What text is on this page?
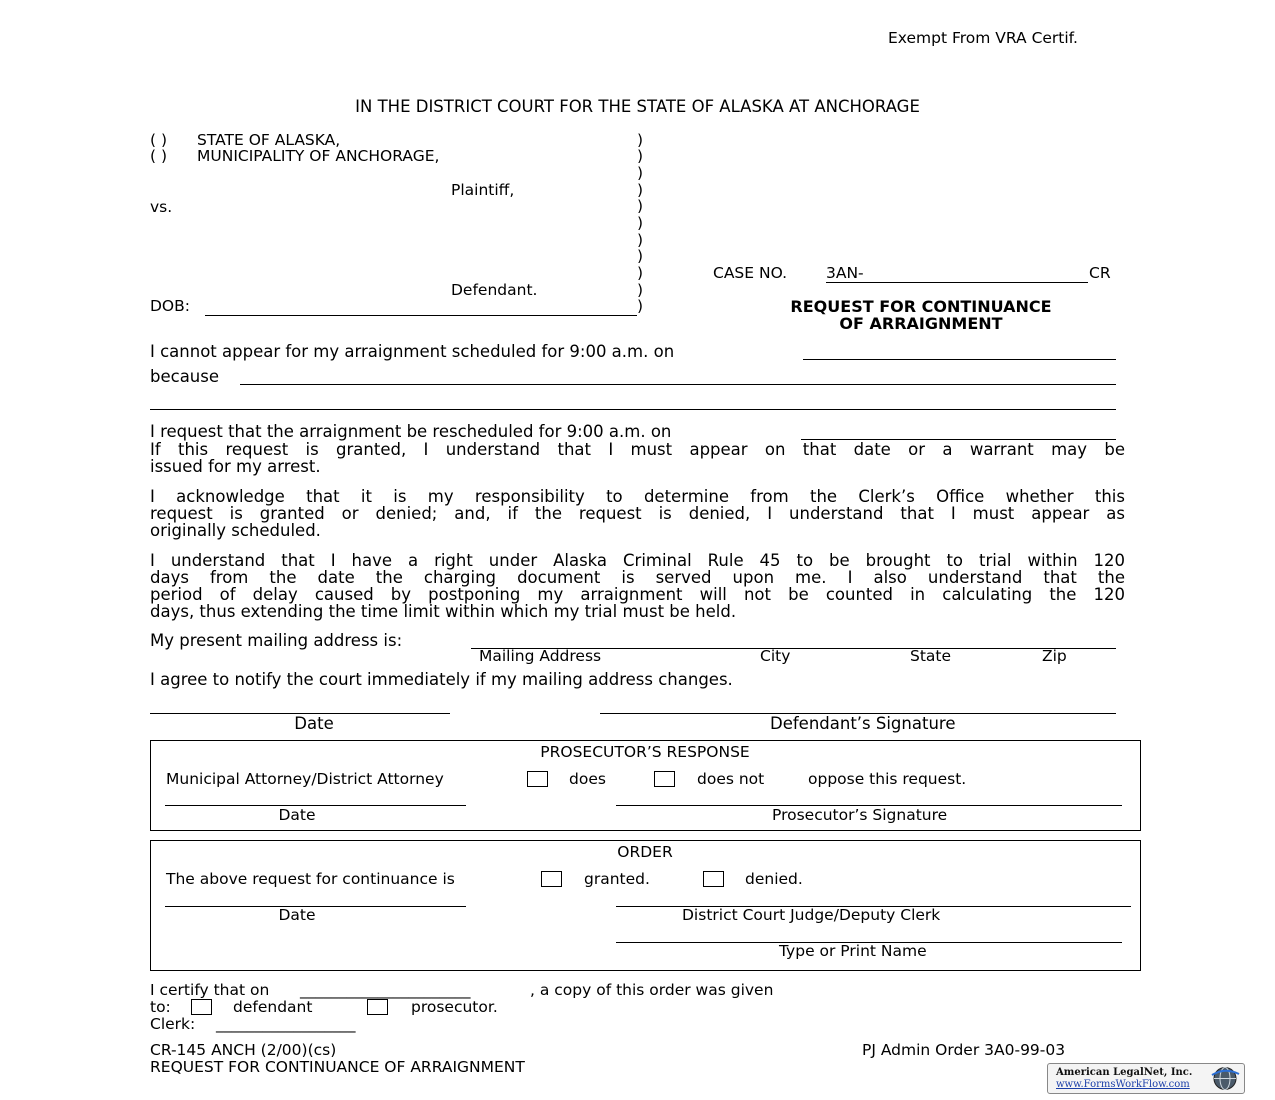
Exempt From VRA Certif.
IN THE DISTRICT COURT FOR THE STATE OF ALASKA AT ANCHORAGE
( ) STATE OF ALASKA,
( ) MUNICIPALITY OF ANCHORAGE,
Plaintiff,
vs.
Defendant.
DOB:
)
)
)
)
)
)
)
)
)
)
)
CASE NO.	3AN-	CR
REQUEST FOR CONTINUANCE
OF ARRAIGNMENT
I cannot appear for my arraignment scheduled for 9:00 a.m. on
because
I request that the arraignment be rescheduled for 9:00 a.m. on
If this request is granted, I understand that I must appear on that date or a warrant may be
issued for my arrest.
I acknowledge that it is my responsibility to determine from the Clerk’s Office whether this
request is granted or denied; and, if the request is denied, I understand that I must appear as
originally scheduled.
I understand that I have a right under Alaska Criminal Rule 45 to be brought to trial within 120
days from the date the charging document is served upon me. I also understand that the
period of delay caused by postponing my arraignment will not be counted in calculating the 120
days, thus extending the time limit within which my trial must be held.
My present mailing address is:
Mailing Address	City	State	Zip
I agree to notify the court immediately if my mailing address changes.
Date	Defendant’s Signature
PROSECUTOR’S RESPONSE
Municipal Attorney/District Attorney	does	does not	oppose this request.
Date	Prosecutor’s Signature
ORDER
The above request for continuance is	granted.	denied.
Date	District Court Judge/Deputy Clerk
Type or Print Name
I certify that on ______________________	, a copy of this order was given
to:	defendant	prosecutor.
Clerk: __________________
CR-145 ANCH (2/00)(cs)
REQUEST FOR CONTINUANCE OF ARRAIGNMENT
PJ Admin Order 3A0-99-03
American LegalNet, Inc.
www.FormsWorkFlow.com
